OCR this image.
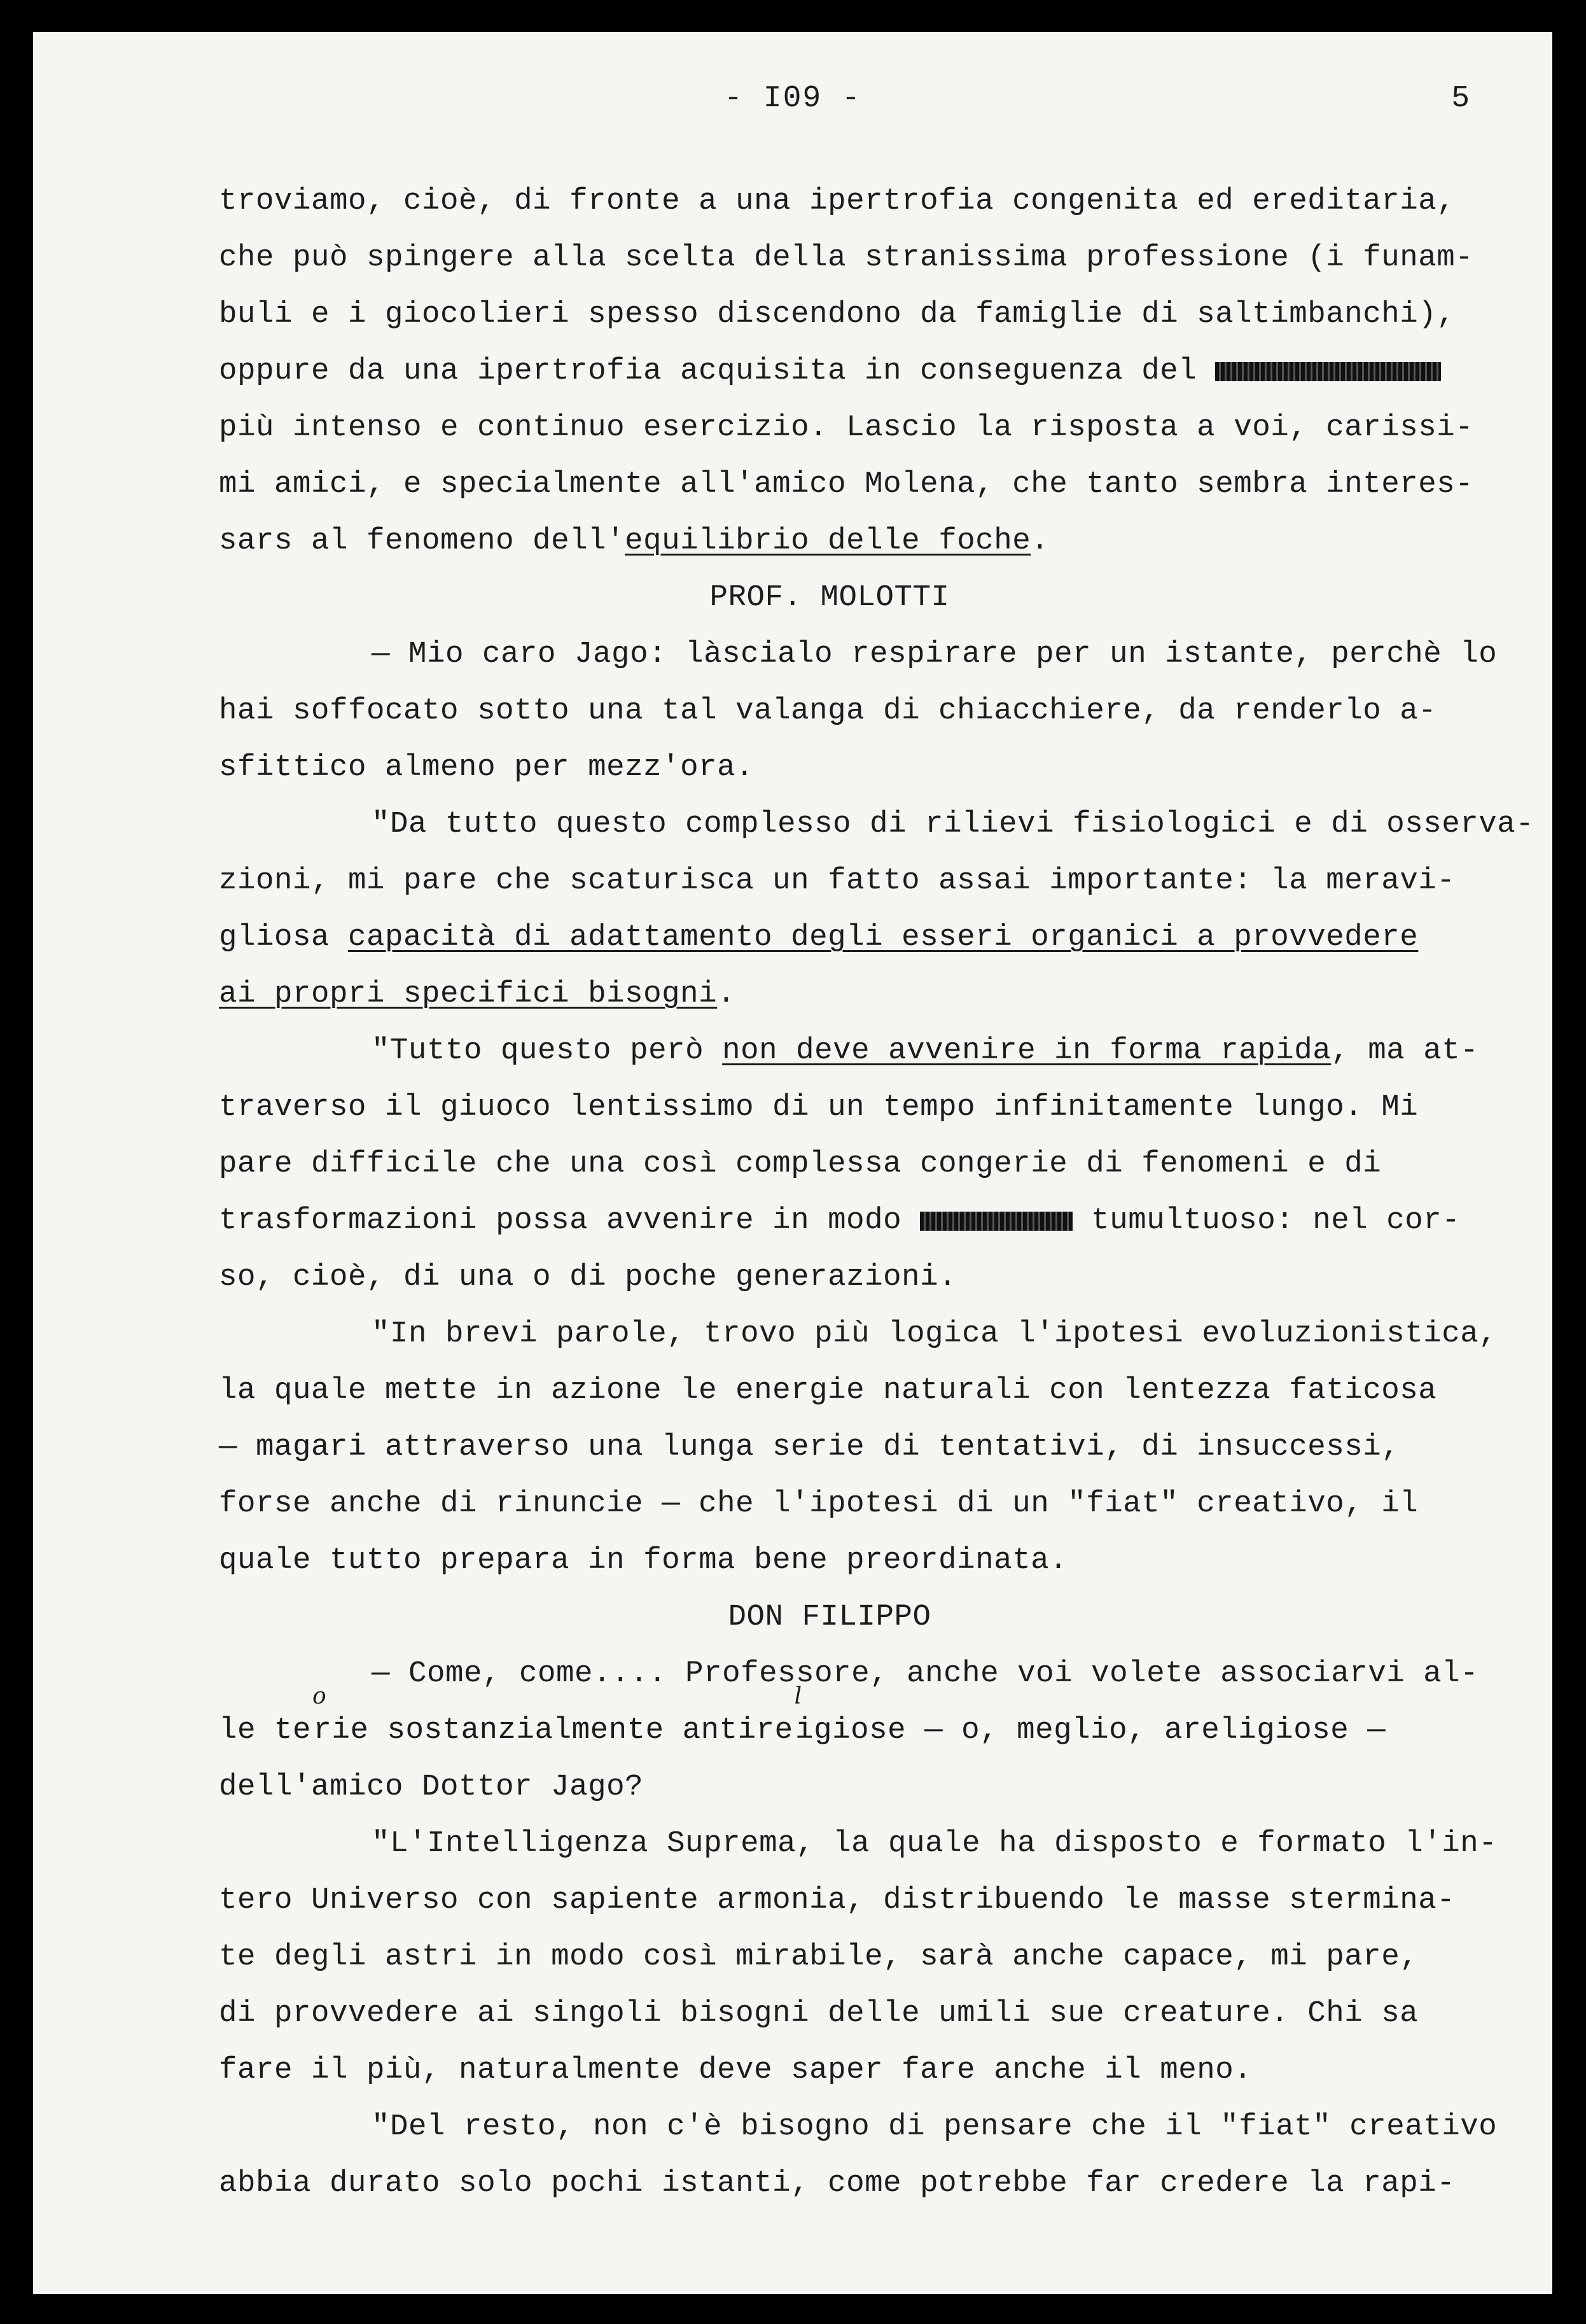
- I09 -	5
troviamo, cioè, di fronte a una ipertrofia congenita ed ereditaria,
che può spingere alla scelta della stranissima professione (i funam-
buli e i giocolieri spesso discendono da famiglie di saltimbanchi),
oppure da una ipertrofia acquisita in conseguenza del
più intenso e continuo esercizio. Lascio la risposta a voi, carissi-
mi amici, e specialmente all'amico Molena, che tanto sembra interes-
sars al fenomeno dell'equilibrio delle foche.
PROF. MOLOTTI
— Mio caro Jago: làscialo respirare per un istante, perchè lo
hai soffocato sotto una tal valanga di chiacchiere, da renderlo a-
sfittico almeno per mezz'ora.
"Da tutto questo complesso di rilievi fisiologici e di osserva-
zioni, mi pare che scaturisca un fatto assai importante: la meravi-
gliosa capacità di adattamento degli esseri organici a provvedere
ai propri specifici bisogni.
"Tutto questo però non deve avvenire in forma rapida, ma at-
traverso il giuoco lentissimo di un tempo infinitamente lungo. Mi
pare difficile che una così complessa congerie di fenomeni e di
trasformazioni possa avvenire in modo	tumultuoso: nel cor-
so, cioè, di una o di poche generazioni.
"In brevi parole, trovo più logica l'ipotesi evoluzionistica,
la quale mette in azione le energie naturali con lentezza faticosa
— magari attraverso una lunga serie di tentativi, di insuccessi,
forse anche di rinuncie — che l'ipotesi di un "fiat" creativo, il
quale tutto prepara in forma bene preordinata.
DON FILIPPO
— Come, come.... Professore, anche voi volete associarvi al-
le te
o
 rie sostanzialmente antire
l
 igiose — o, meglio, areligiose —
dell'amico Dottor Jago?
"L'Intelligenza Suprema, la quale ha disposto e formato l'in-
tero Universo con sapiente armonia, distribuendo le masse stermina-
te degli astri in modo così mirabile, sarà anche capace, mi pare,
di provvedere ai singoli bisogni delle umili sue creature. Chi sa
fare il più, naturalmente deve saper fare anche il meno.
"Del resto, non c'è bisogno di pensare che il "fiat" creativo
abbia durato solo pochi istanti, come potrebbe far credere la rapi-
